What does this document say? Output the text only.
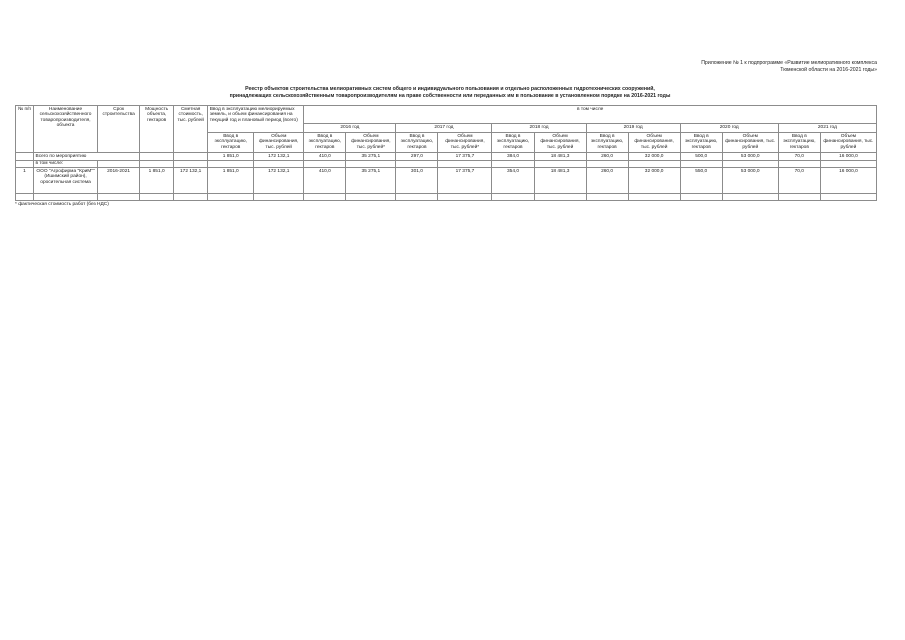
Приложение № 1 к подпрограмме «Развитие мелиоративного комплекса
Тюменской области на 2016-2021 годы»
Реестр объектов строительства мелиоративных систем общего и индивидуального пользования и отдельно расположенных гидротехнических сооружений,
принадлежащих сельскохозяйственным товаропроизводителям на праве собственности или переданных им в пользование в установленном порядке на 2016-2021 годы
№ п/п	Наименование сельскохозяйственного товаропроизводителя, объекта	Срок строительства	Мощность объекта, гектаров	Сметная стоимость, тыс. рублей	Ввод в эксплуатацию мелиорируемых земель, и объем финансирования на текущий год и плановый период (всего)		в том числе											
							2016 год		2017 год		2018 год		2019 год		2020 год		2021 год	
					Ввод в эксплуатацию, гектаров	Объем финансирования, тыс. рублей	Ввод в эксплуатацию, гектаров	Объем финансирования, тыс. рублей*	Ввод в эксплуатацию, гектаров	Объем финансирования, тыс. рублей*	Ввод в эксплуатацию, гектаров	Объем финансирования, тыс. рублей	Ввод в эксплуатацию, гектаров	Объем финансирования, тыс. рублей	Ввод в эксплуатацию, гектаров	Объем финансирования, тыс. рублей	Ввод в эксплуатацию, гектаров	Объем финансирования, тыс. рублей
	Всего по мероприятию				1 851,0	172 132,1	410,0	35 275,1	297,0	17 375,7	384,0	18 481,3	260,0	32 000,0	500,0	53 000,0	70,0	16 000,0
	в том числе:																	
1	ООО "Агрофирма "КриМ"" (Ишимский район), оросительная система	2016-2021	1 851,0	172 132,1	1 851,0	172 132,1	410,0	35 275,1	301,0	17 375,7	354,0	18 481,3	260,0	32 000,0	550,0	53 000,0	70,0	16 000,0

* фактическая стоимость работ (без НДС)
